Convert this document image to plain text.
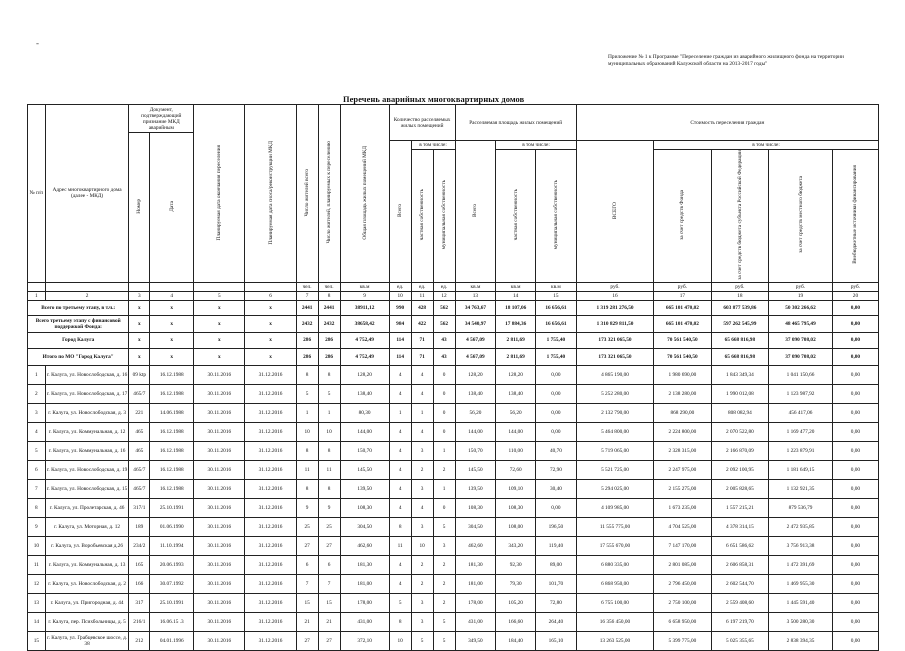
-
Приложение № 1 к Программе "Переселение граждан из аварийного жилищного фонда на территории муниципальных образований Калужской области на 2013-2017 годы"
Перечень аварийных многоквартирных домов
№ п/п	Адрес многоквартирного дома (далее - МКД)	Документ, подтверждающий признание МКД аварийным		Планируемая дата окончания переселения	Планируемая дата сноса/реконструкции МКД	Число жителей всего	Число жителей, планируемых к переселению	Общая площадь жилых помещений МКД	Количество расселяемых жилых помещений			Расселяемая площадь жилых помещений			Стоимость переселения граждан				
		Номер	Дата																
									Всего	в том числе:		Всего	в том числе:		ВСЕГО	в том числе:			
										частная собственность	муниципальная собственность		частная собственность	муниципальная собственность		за счет средств Фонда	за счет средств бюджета субъекта Российской Федерации	за счет средств местного бюджета	Внебюджетные источники финансирования
						чел.	чел.	кв.м	ед.	ед.	ед.	кв.м	кв.м	кв.м	руб.	руб.	руб.	руб.	руб.
1	2	3	4	5	6	7	8	9	10	11	12	13	14	15	16	17	18	19	20
Всего по третьему этапу, в т.ч.:		x	x	x	x	2441	2441	38911,12	990	428	562	34 763,67	18 107,06	16 656,61	1 319 281 276,50	665 101 470,02	603 877 539,86	50 302 266,62	0,00
Всего третьему этапу с финансовой поддержкой Фонда:		x	x	x	x	2432	2432	38658,42	984	422	562	34 540,97	17 884,36	16 656,61	1 310 829 811,50	665 101 470,02	597 262 545,99	48 465 795,49	0,00
Город Калуга		x	x	x	x	286	286	4 752,49	114	71	43	4 567,09	2 811,69	1 755,40	173 321 065,50	70 561 540,50	65 668 816,98	37 090 708,02	0,00
Итого по МО "Город Калуга"		x	x	x	x	286	286	4 752,49	114	71	43	4 567,09	2 811,69	1 755,40	173 321 065,50	70 561 540,50	65 668 816,98	37 090 708,02	0,00
1	г. Калуга, ул. Новослободская, д. 16	09 ktp	16.12.1988	30.11.2016	31.12.2016	8	8	128,20	4	4	0	128,20	128,20	0,00	4 865 190,00	1 980 690,00	1 843 349,34	1 041 150,66	0,00
2	г. Калуга, ул. Новослободская, д. 17	465/7	16.12.1988	30.11.2016	31.12.2016	5	5	138,40	4	4	0	138,40	138,40	0,00	5 252 280,00	2 138 280,00	1 990 012,08	1 123 987,92	0,00
3	г. Калуга, ул. Новослободская, д. 3	221	14.06.1988	30.11.2016	31.12.2016	1	1	80,30	1	1	0	56,20	56,20	0,00	2 132 790,00	868 290,00	808 082,94	456 417,06	0,00
4	г. Калуга, ул. Коммунальная, д. 12	465	16.12.1988	30.11.2016	31.12.2016	10	10	144,00	4	4	0	144,00	144,00	0,00	5 464 800,00	2 224 800,00	2 070 522,80	1 169 477,20	0,00
5	г. Калуга, ул. Коммунальная, д. 16	465	16.12.1988	30.11.2016	31.12.2016	8	8	150,70	4	3	1	150,70	110,00	40,70	5 719 065,00	2 328 315,00	2 166 870,09	1 223 879,91	0,00
6	г. Калуга, ул. Новослободская, д. 19	465/7	16.12.1988	30.11.2016	31.12.2016	11	11	145,50	4	2	2	145,50	72,60	72,90	5 521 725,00	2 247 975,00	2 092 100,95	1 181 649,15	0,00
7	г. Калуга, ул. Новослободская, д. 15	465/7	16.12.1988	30.11.2016	31.12.2016	8	8	139,50	4	3	1	139,50	109,10	30,40	5 294 025,00	2 155 275,00	2 005 828,65	1 132 921,35	0,00
8	г. Калуга, ул. Пролетарская, д. 46	317/1	25.10.1991	30.11.2016	31.12.2016	9	9	108,30	4	4	0	108,30	108,30	0,00	4 109 985,00	1 673 235,00	1 557 215,21	879 536,79	0,00
9	г. Калуга, ул. Моторная, д. 12	189	01.06.1990	30.11.2016	31.12.2016	25	25	304,50	8	3	5	304,50	108,00	196,50	11 555 775,00	4 704 525,00	4 378 314,15	2 472 935,85	0,00
10	г. Калуга, ул. Воробьевская д.26	234/2	11.10.1994	30.11.2016	31.12.2016	27	27	462,60	11	10	3	462,60	343,20	119,40	17 555 670,00	7 147 170,00	6 651 586,62	3 756 913,38	0,00
11	г. Калуга, ул. Коммунальная, д. 13	165	20.06.1993	30.11.2016	31.12.2016	6	6	181,30	4	2	2	181,30	92,30	89,00	6 880 335,00	2 801 085,00	2 606 858,31	1 472 391,69	0,00
12	г. Калуга, ул. Новослободская, д. 2	166	30.07.1992	30.11.2016	31.12.2016	7	7	181,00	4	2	2	181,00	79,30	101,70	6 868 950,00	2 796 450,00	2 602 544,70	1 469 955,30	0,00
13	г. Калуга, ул. Пригородная, д. 44	317	25.10.1991	30.11.2016	31.12.2016	15	15	178,00	5	3	2	178,00	105,20	72,80	6 755 100,00	2 750 100,00	2 559 408,60	1 445 591,40	0,00
14	г. Калуга, пер. Психбольницы, д. 5	216/1	16.06.15 .3	30.11.2016	31.12.2016	21	21	431,00	8	3	5	431,00	166,60	264,40	16 356 450,00	6 658 950,00	6 197 219,70	3 500 280,30	0,00
15	г. Калуга, ул. Грабцевское шоссе, д. 38	212	04.01.1996	30.11.2016	31.12.2016	27	27	372,10	10	5	5	349,50	184,40	165,10	13 263 525,00	5 399 775,00	5 025 355,65	2 838 394,35	0,00
